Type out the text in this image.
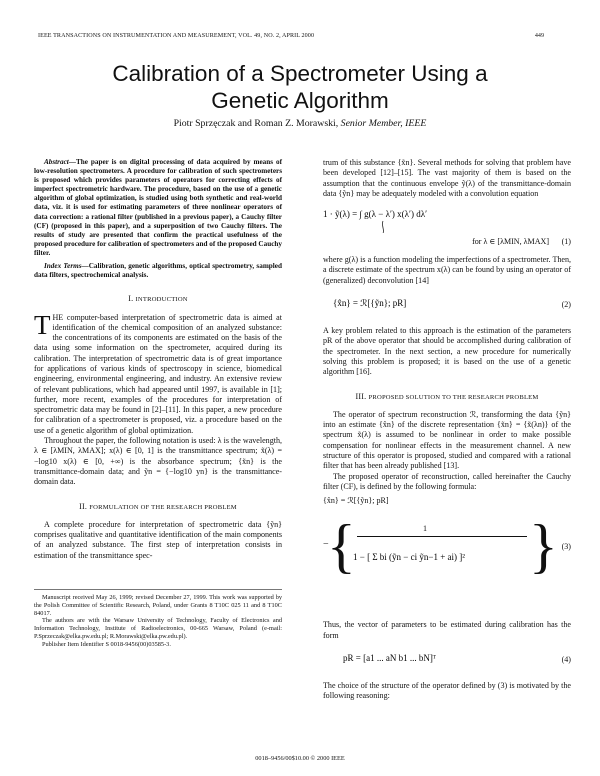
IEEE TRANSACTIONS ON INSTRUMENTATION AND MEASUREMENT, VOL. 49, NO. 2, APRIL 2000	449
Calibration of a Spectrometer Using a
Genetic Algorithm
Piotr Sprzęczak and Roman Z. Morawski, Senior Member, IEEE

Abstract—The paper is on digital processing of data acquired by means of low-resolution spectrometers. A procedure for calibration of such spectrometers is proposed which provides parameters of operators for correcting effects of imperfect spectrometric hardware. The procedure, based on the use of a genetic algorithm of global optimization, is studied using both synthetic and real-world data, viz. it is used for estimating parameters of three nonlinear operators of data correction: a rational filter (published in a previous paper), a Cauchy filter (CF) (proposed in this paper), and a superposition of two Cauchy filters. The results of study are presented that confirm the practical usefulness of the proposed procedure for calibration of spectrometers and of the proposed Cauchy filter.

Index Terms—Calibration, genetic algorithms, optical spectrometry, sampled data filters, spectrochemical analysis.

I. INTRODUCTION

THE computer-based interpretation of spectrometric data is aimed at identification of the chemical composition of an analyzed substance: the concentrations of its components are estimated on the basis of the data using some information on the spectrometer, acquired during its calibration. The interpretation of spectrometric data is of great importance for applications of various kinds of spectroscopy in science, biomedical engineering, environmental engineering, and industry. An extensive review of relevant publications, which had appeared until 1997, is available in [1]; further, more recent, examples of the procedures for interpretation of spectrometric data may be found in [2]–[11]. In this paper, a new procedure for calibration of a spectrometer is proposed, viz. a procedure based on the use of a genetic algorithm of global optimization.

Throughout the paper, the following notation is used: λ is the wavelength, λ ∈ [λMIN, λMAX]; x(λ) ∈ [0, 1] is the transmittance spectrum; x̃(λ) = −log10 x(λ) ∈ [0, +∞) is the absorbance spectrum; {x̃n} is the transmittance-domain data; and ỹn = {−log10 yn} is the transmittance-domain data.

II. FORMULATION OF THE RESEARCH PROBLEM

A complete procedure for interpretation of spectrometric data {ỹn} comprises qualitative and quantitative identification of the main components of an analyzed substance. The first step of interpretation consists in estimation of the transmittance spec-

Manuscript received May 26, 1999; revised December 27, 1999. This work was supported by the Polish Committee of Scientific Research, Poland, under Grants 8 T10C 025 11 and 8 T10C 84017.

The authors are with the Warsaw University of Technology, Faculty of Electronics and Information Technology, Institute of Radioelectronics, 00-665 Warsaw, Poland (e-mail: P.Sprzeczak@elka.pw.edu.pl; R.Morawski@elka.pw.edu.pl).

Publisher Item Identifier S 0018-9456(00)03585-3.

trum of this substance {x̃n}. Several methods for solving that problem have been developed [12]–[15]. The vast majority of them is based on the assumption that the continuous envelope ỹ(λ) of the transmittance-domain data {ỹn} may be adequately modeled with a convolution equation

1 · ỹ(λ) = ∫ g(λ − λ′) x(λ′) dλ′
for λ ∈ [λMIN, λMAX] (1)

where g(λ) is a function modeling the imperfections of a spectrometer. Then, a discrete estimate of the spectrum x(λ) can be found by using an operator of (generalized) deconvolution [14]

{x̂n} = ℛ[{ỹn}; pR]	(2)

A key problem related to this approach is the estimation of the parameters pR of the above operator that should be accomplished during calibration of the spectrometer. In the next section, a new procedure for numerically solving this problem is proposed; it is based on the use of a genetic algorithm [16].

III. PROPOSED SOLUTION TO THE RESEARCH PROBLEM

The operator of spectrum reconstruction ℛ, transforming the data {ỹn} into an estimate {x̂n} of the discrete representation {x̃n} = {x̃(λn)} of the spectrum x̃(λ) is assumed to be nonlinear in order to make possible compensation for nonlinear effects in the measurement channel. A new structure of this operator is proposed, studied and compared with a rational filter that has been already published [13].

The proposed operator of reconstruction, called hereinafter the Cauchy filter (CF), is defined by the following formula:

{x̂n} = ℛ[{ỹn}; pR]
{
−
1
1 − [ Σ bi (ỹn − ci ỹn−1 + ai) ]² } (3)

Thus, the vector of parameters to be estimated during calibration has the form

pR = [a1 ... aN b1 ... bN]ᵀ	(4)

The choice of the structure of the operator defined by (3) is motivated by the following reasoning:

0018–9456/00$10.00 © 2000 IEEE
